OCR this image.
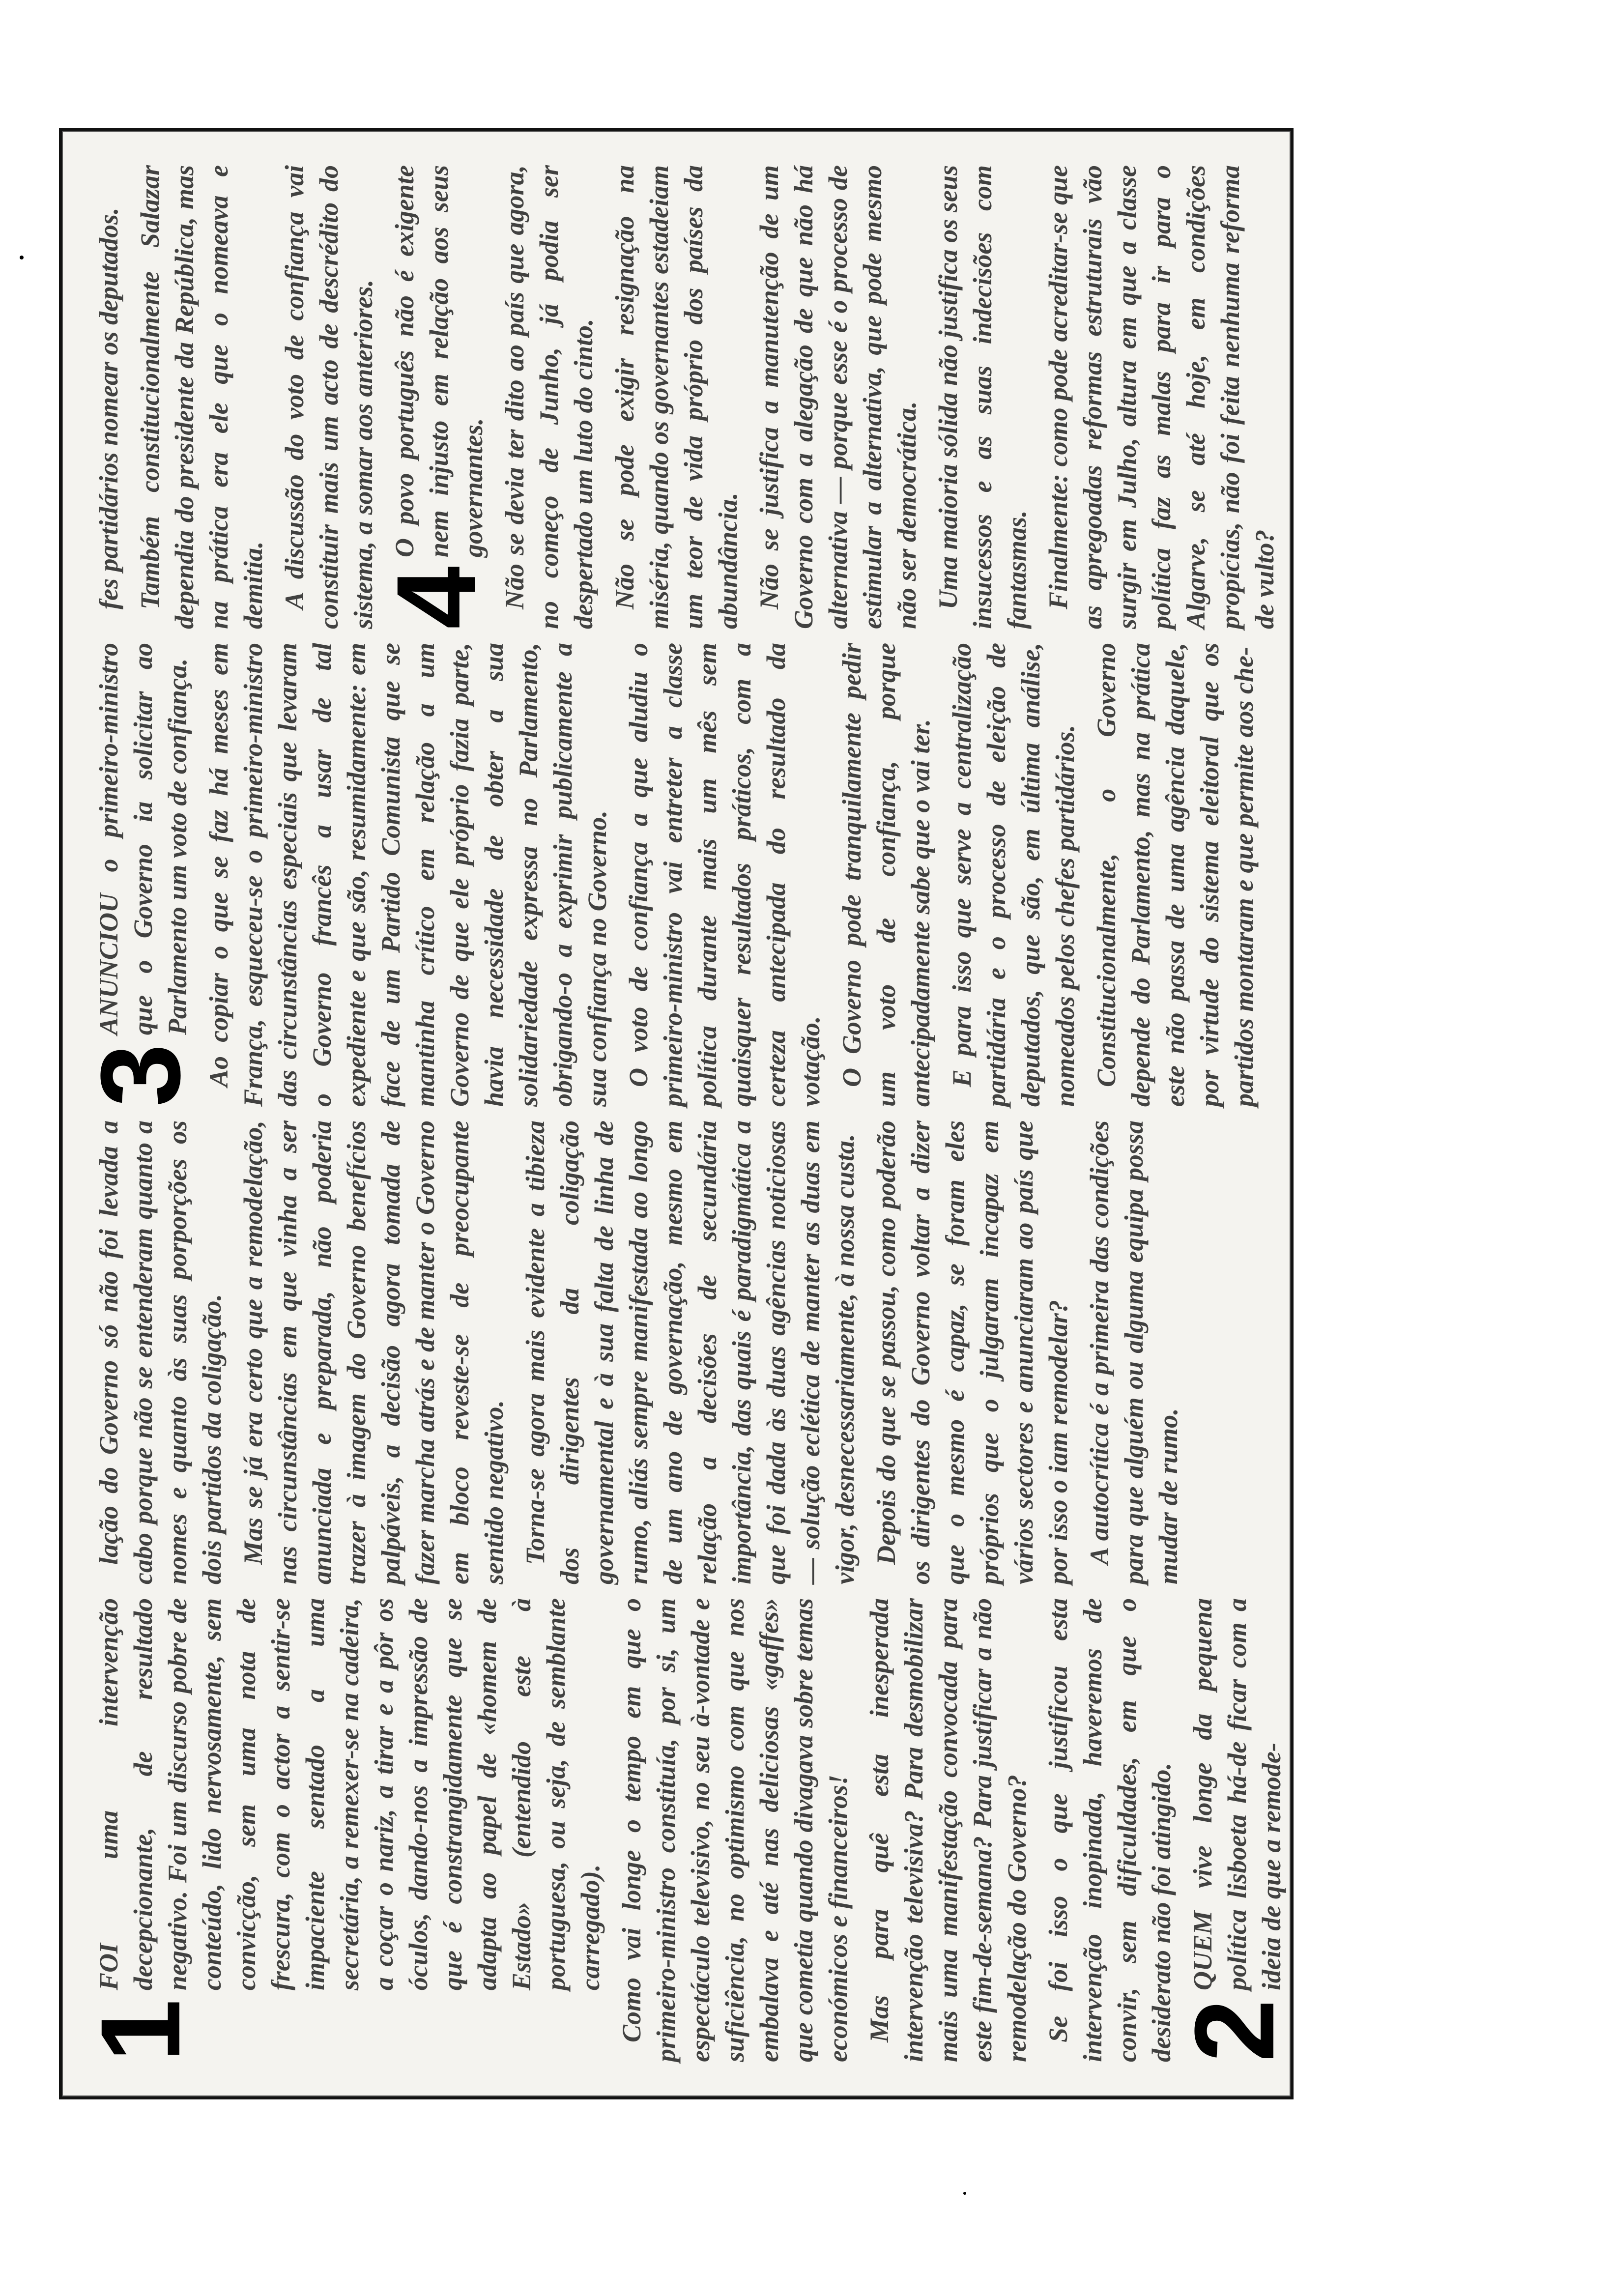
1
FOI uma intervenção decepcionante, de resultado negativo. Foi um discurso pobre de conteúdo, lido nervosamente, sem convicção, sem uma nota de frescura, com o actor a sentir-se impaciente sentado a uma secretária, a remexer-se na cadeira, a coçar o nariz, a tirar e a pôr os óculos, dando-nos a impressão de que é constrangidamente que se adapta ao papel de «homem de Estado» (entendido este à portuguesa, ou seja, de semblante carregado). Como vai longe o tempo em que o primeiro-ministro constituía, por si, um espectáculo televisivo, no seu à-vontade e suficiência, no optimismo com que nos embalava e até nas deliciosas «gaffes» que cometia quando divagava sobre temas económicos e financeiros! Mas para quê esta inesperada intervenção televisiva? Para desmobilizar mais uma manifestação convocada para este fim-de-semana? Para justificar a não remodelação do Governo? Se foi isso o que justificou esta intervenção inopinada, haveremos de convir, sem dificuldades, em que o desiderato não foi atingido.

2
QUEM vive longe da pequena política lisboeta há-de ficar com a ideia de que a remode-

lação do Governo só não foi levada a cabo porque não se entenderam quanto a nomes e quanto às suas porporções os dois partidos da coligação. Mas se já era certo que a remodelação, nas circunstâncias em que vinha a ser anunciada e preparada, não poderia trazer à imagem do Governo benefícios palpáveis, a decisão agora tomada de fazer marcha atrás e de manter o Governo em bloco reveste-se de preocupante sentido negativo. Torna-se agora mais evidente a tibieza dos dirigentes da coligação governamental e à sua falta de linha de rumo, aliás sempre manifestada ao longo de um ano de governação, mesmo em relação a decisões de secundária importância, das quais é paradigmática a que foi dada às duas agências noticiosas — solução eclética de manter as duas em vigor, desnecessariamente, à nossa custa. Depois do que se passou, como poderão os dirigentes do Governo voltar a dizer que o mesmo é capaz, se foram eles próprios que o julgaram incapaz em vários sectores e anunciaram ao país que por isso o iam remodelar? A autocrítica é a primeira das condições para que alguém ou alguma equipa possa mudar de rumo.

3
ANUNCIOU o primeiro-ministro que o Governo ia solicitar ao Parlamento um voto de confiança. Ao copiar o que se faz há meses em França, esqueceu-se o primeiro-ministro das circunstâncias especiais que levaram o Governo francês a usar de tal expediente e que são, resumidamente: em face de um Partido Comunista que se mantinha crítico em relação a um Governo de que ele próprio fazia parte, havia necessidade de obter a sua solidariedade expressa no Parlamento, obrigando-o a exprimir publicamente a sua confiança no Governo. O voto de confiança a que aludiu o primeiro-ministro vai entreter a classe política durante mais um mês sem quaisquer resultados práticos, com a certeza antecipada do resultado da votação. O Governo pode tranquilamente pedir um voto de confiança, porque antecipadamente sabe que o vai ter. E para isso que serve a centralização partidária e o processo de eleição de deputados, que são, em última análise, nomeados pelos chefes partidários. Constitucionalmente, o Governo depende do Parlamento, mas na prática este não passa de uma agência daquele, por virtude do sistema eleitoral que os partidos montaram e que permite aos che-

fes partidários nomear os deputados. Também constitucionalmente Salazar dependia do presidente da República, mas na prática era ele que o nomeava e demitia. A discussão do voto de confiança vai constituir mais um acto de descrédito do sistema, a somar aos anteriores.

4
O povo português não é exigente nem injusto em relação aos seus governantes. Não se devia ter dito ao país que agora, no começo de Junho, já podia ser despertado um luto do cinto. Não se pode exigir resignação na miséria, quando os governantes estadeiam um teor de vida próprio dos países da abundância. Não se justifica a manutenção de um Governo com a alegação de que não há alternativa — porque esse é o processo de estimular a alternativa, que pode mesmo não ser democrática. Uma maioria sólida não justifica os seus insucessos e as suas indecisões com fantasmas. Finalmente: como pode acreditar-se que as apregoadas reformas estruturais vão surgir em Julho, altura em que a classe política faz as malas para ir para o Algarve, se até hoje, em condições propícias, não foi feita nenhuma reforma de vulto?
